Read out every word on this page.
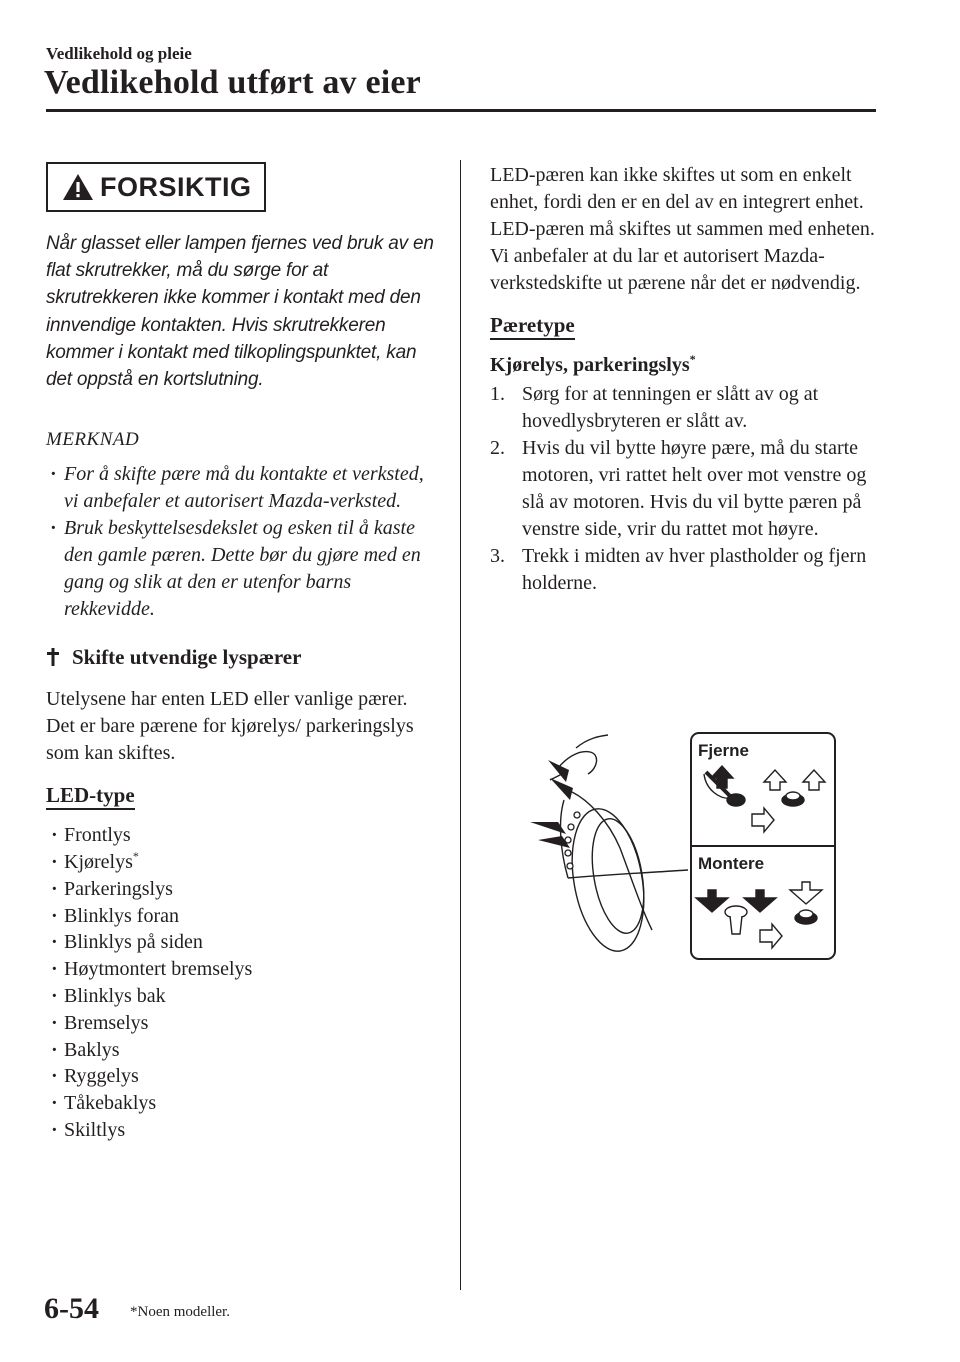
Vedlikehold og pleie
Vedlikehold utført av eier
FORSIKTIG

Når glasset eller lampen fjernes ved bruk av en flat skrutrekker, må du sørge for at skrutrekkeren ikke kommer i kontakt med den innvendige kontakten. Hvis skrutrekkeren kommer i kontakt med tilkoplingspunktet, kan det oppstå en kortslutning.

MERKNAD
· For å skifte pære må du kontakte et verksted, vi anbefaler et autorisert Mazda-verksted.
· Bruk beskyttelsesdekslet og esken til å kaste den gamle pæren. Dette bør du gjøre med en gang og slik at den er utenfor barns rekkevidde.
Skifte utvendige lyspærer

Utelysene har enten LED eller vanlige pærer.

Det er bare pærene for kjørelys/ parkeringslys som kan skiftes.

LED-type
· Frontlys
· Kjørelys*
· Parkeringslys
· Blinklys foran
· Blinklys på siden
· Høytmontert bremselys
· Blinklys bak
· Bremselys
· Baklys
· Ryggelys
· Tåkebaklys
· Skiltlys

LED-pæren kan ikke skiftes ut som en enkelt enhet, fordi den er en del av en integrert enhet.

LED-pæren må skiftes ut sammen med enheten. Vi anbefaler at du lar et autorisert Mazda-verkstedskifte ut pærene når det er nødvendig.

Pæretype
Kjørelys, parkeringslys*
1. Sørg for at tenningen er slått av og at hovedlysbryteren er slått av.
2. Hvis du vil bytte høyre pære, må du starte motoren, vri rattet helt over mot venstre og slå av motoren. Hvis du vil bytte pæren på venstre side, vrir du rattet mot høyre.
3. Trekk i midten av hver plastholder og fjern holderne.
Fjerne
Montere
6-54 *Noen modeller.
